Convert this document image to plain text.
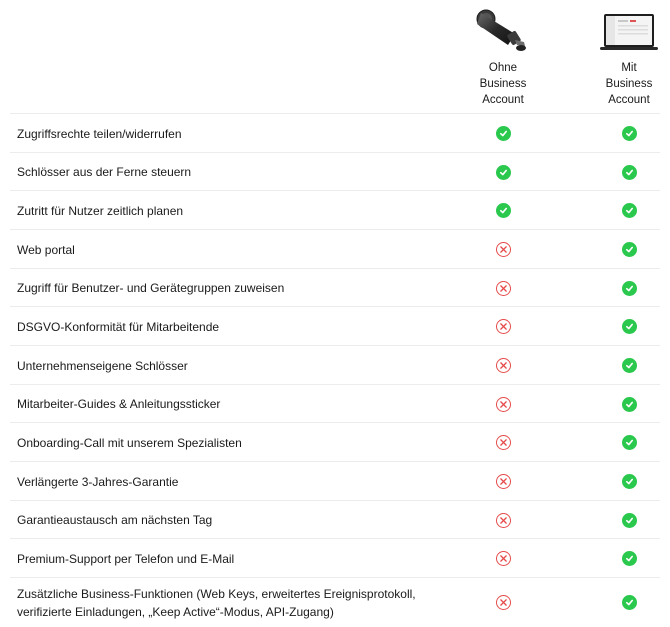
Ohne
Business
Account
Mit
Business
Account
Zugriffsrechte teilen/widerrufen
Schlösser aus der Ferne steuern
Zutritt für Nutzer zeitlich planen
Web portal
Zugriff für Benutzer- und Gerätegruppen zuweisen
DSGVO-Konformität für Mitarbeitende
Unternehmenseigene Schlösser
Mitarbeiter-Guides & Anleitungssticker
Onboarding-Call mit unserem Spezialisten
Verlängerte 3-Jahres-Garantie
Garantieaustausch am nächsten Tag
Premium-Support per Telefon und E-Mail
Zusätzliche Business-Funktionen (Web Keys, erweitertes Ereignisprotokoll,
verifizierte Einladungen, „Keep Active“-Modus, API-Zugang)
